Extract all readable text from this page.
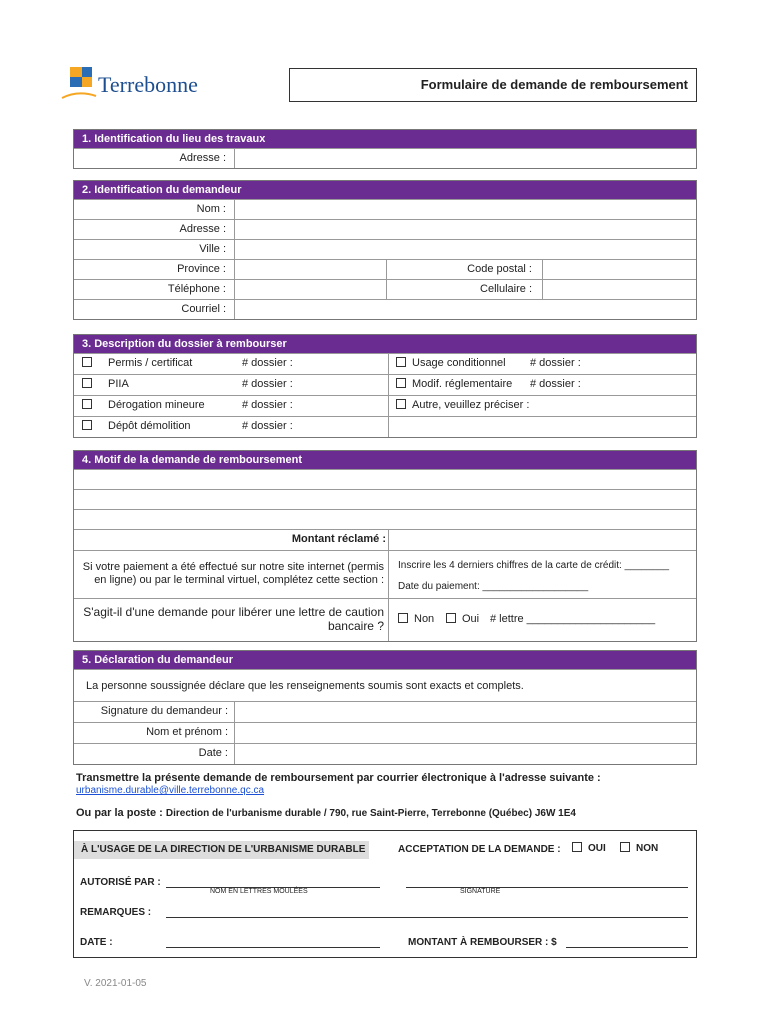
Terrebonne	Formulaire de demande de remboursement
1. Identification du lieu des travaux
Adresse :
2. Identification du demandeur
Nom :
Adresse :
Ville :
Province :	Code postal :
Téléphone :	Cellulaire :
Courriel :
3. Description du dossier à rembourser
Permis / certificat	# dossier :	Usage conditionnel # dossier :
PIIA	# dossier :	Modif. réglementaire # dossier :
Dérogation mineure	# dossier :	Autre, veuillez préciser :
Dépôt démolition	# dossier :
4. Motif de la demande de remboursement
Montant réclamé :
Si votre paiement a été effectué sur notre site internet (permis en ligne) ou par le terminal virtuel, complétez cette section :
Inscrire les 4 derniers chiffres de la carte de crédit: ________
Date du paiement: ___________________
S'agit-il d'une demande pour libérer une lettre de caution bancaire ?	Non	Oui # lettre _____________________
5. Déclaration du demandeur
La personne soussignée déclare que les renseignements soumis sont exacts et complets.
Signature du demandeur :
Nom et prénom :
Date :
Transmettre la présente demande de remboursement par courrier électronique à l'adresse suivante :
urbanisme.durable@ville.terrebonne.qc.ca
Ou par la poste : Direction de l'urbanisme durable / 790, rue Saint-Pierre, Terrebonne (Québec) J6W 1E4
À L'USAGE DE LA DIRECTION DE L'URBANISME DURABLE	ACCEPTATION DE LA DEMANDE :	OUI	NON
AUTORISÉ PAR :
NOM EN LETTRES MOULÉES	SIGNATURE
REMARQUES :
DATE :	MONTANT À REMBOURSER : $
V. 2021-01-05
